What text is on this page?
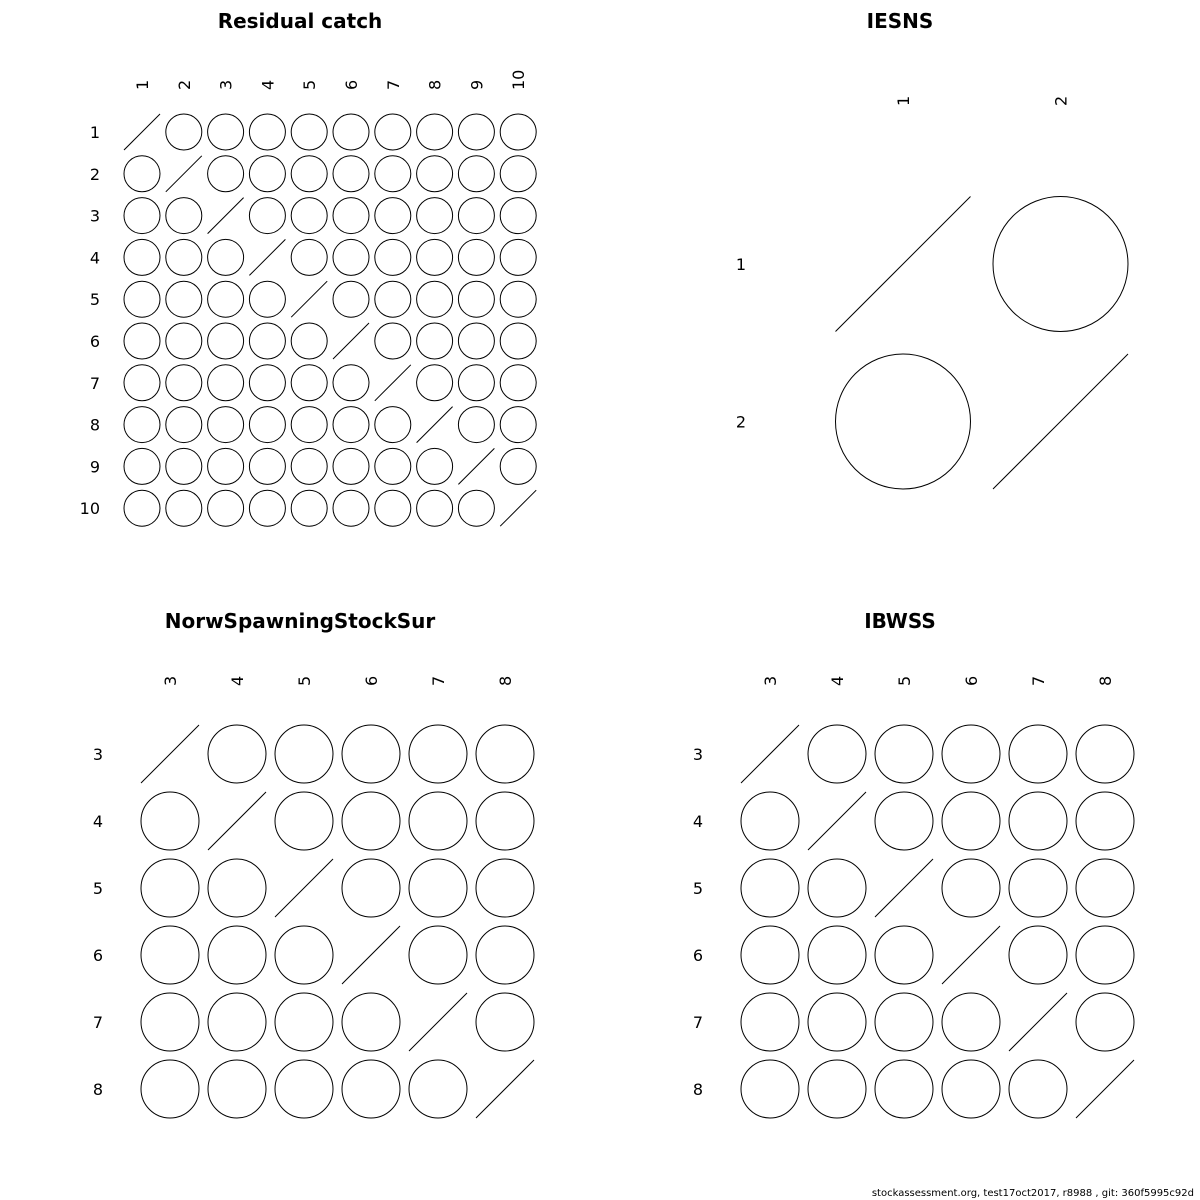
Residual catch
1 2 3 4 5 6 7 8 9 10
1
2
3
4
5
6
7
8
9
10
IESNS
1	2
1
2
NorwSpawningStockSur
3	4	5	6	7	8
3
4
5
6
7
8
IBWSS
3	4	5	6	7	8
3
4
5
6
7
8
stockassessment.org, test17oct2017, r8988 , git: 360f5995c92d
